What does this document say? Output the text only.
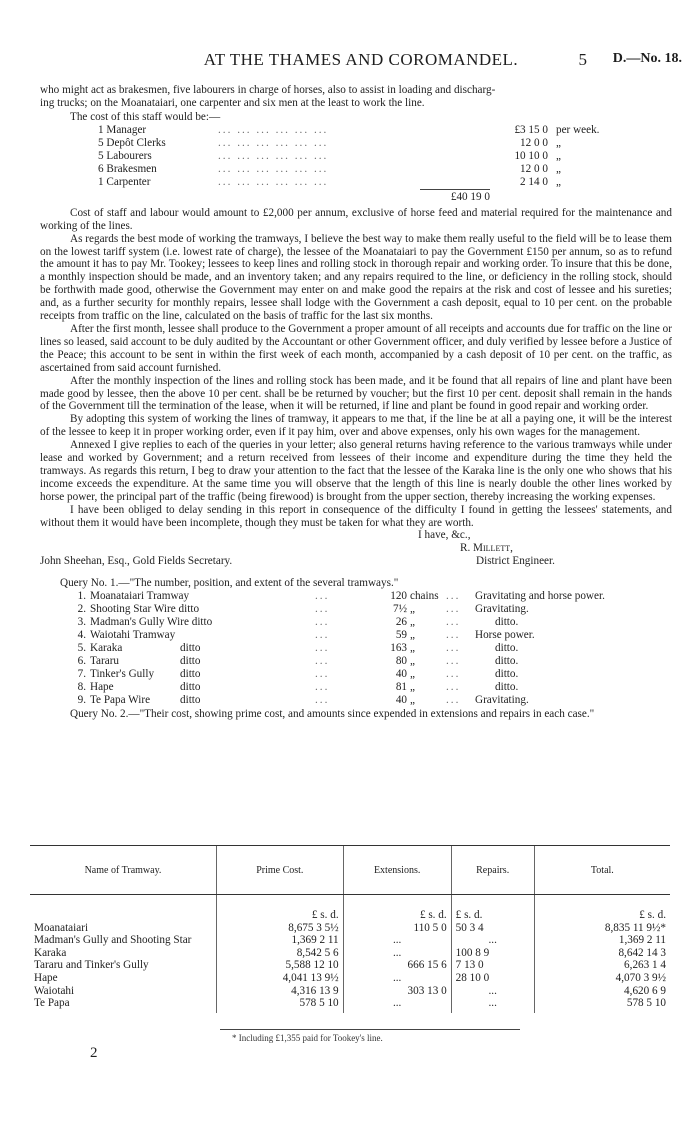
AT THE THAMES AND COROMANDEL.	5 D.—No. 18.

who might act as brakesmen, five labourers in charge of horses, also to assist in loading and discharg-

ing trucks; on the Moanataiari, one carpenter and six men at the least to work the line.

The cost of this staff would be:—
1 Manager	... ... ... ... ... ...	£3 15 0 per week.
5 Depôt Clerks	... ... ... ... ... ...	12 0 0 „
5 Labourers	... ... ... ... ... ...	10 10 0 „
6 Brakesmen	... ... ... ... ... ...	12 0 0 „
1 Carpenter	... ... ... ... ... ...	2 14 0 „
£40 19 0

Cost of staff and labour would amount to £2,000 per annum, exclusive of horse feed and material required for the maintenance and working of the lines.

As regards the best mode of working the tramways, I believe the best way to make them really useful to the field will be to lease them on the lowest tariff system (i.e. lowest rate of charge), the lessee of the Moanataiari to pay the Government £150 per annum, so as to refund the amount it has to pay Mr. Tookey; lessees to keep lines and rolling stock in thorough repair and working order. To insure that this be done, a monthly inspection should be made, and an inventory taken; and any repairs required to the line, or deficiency in the rolling stock, should be forthwith made good, otherwise the Government may enter on and make good the repairs at the risk and cost of lessee and his sureties; and, as a further security for monthly repairs, lessee shall lodge with the Government a cash deposit, equal to 10 per cent. on the probable receipts from traffic on the line, calculated on the basis of traffic for the last six months.

After the first month, lessee shall produce to the Government a proper amount of all receipts and accounts due for traffic on the line or lines so leased, said account to be duly audited by the Accountant or other Government officer, and duly verified by lessee before a Justice of the Peace; this account to be sent in within the first week of each month, accompanied by a cash deposit of 10 per cent. on the traffic, as ascertained from said account furnished.

After the monthly inspection of the lines and rolling stock has been made, and it be found that all repairs of line and plant have been made good by lessee, then the above 10 per cent. shall be be returned by voucher; but the first 10 per cent. deposit shall remain in the hands of the Government till the termination of the lease, when it will be returned, if line and plant be found in good repair and working order.

By adopting this system of working the lines of tramway, it appears to me that, if the line be at all a paying one, it will be the interest of the lessee to keep it in proper working order, even if it pay him, over and above expenses, only his own wages for the management.

Annexed I give replies to each of the queries in your letter; also general returns having reference to the various tramways while under lease and worked by Government; and a return received from lessees of their income and expenditure during the time they held the tramways. As regards this return, I beg to draw your attention to the fact that the lessee of the Karaka line is the only one who shows that his income exceeds the expenditure. At the same time you will observe that the length of this line is nearly double the other lines worked by horse power, the principal part of the traffic (being firewood) is brought from the upper section, thereby increasing the working expenses.

I have been obliged to delay sending in this report in consequence of the difficulty I found in getting the lessees' statements, and without them it would have been incomplete, though they must be taken for what they are worth.

I have, &c.,
R. Millett,
John Sheehan, Esq., Gold Fields Secretary.	District Engineer.
Query No. 1.—"The number, position, and extent of the several tramways."
1. Moanataiari Tramway	...	120 chains ... Gravitating and horse power.
2. Shooting Star Wire ditto	...	7½ „	... Gravitating.
3. Madman's Gully Wire ditto	...	26 „	...	ditto.
4. Waiotahi Tramway	...	59 „	... Horse power.
5. Karaka	ditto	...	163 „	...	ditto.
6. Tararu	ditto	...	80 „	...	ditto.
7. Tinker's Gully ditto	...	40 „	...	ditto.
8. Hape	ditto	...	81 „	...	ditto.
9. Te Papa Wire	ditto	...	40 „	... Gravitating.

Query No. 2.—"Their cost, showing prime cost, and amounts since expended in extensions and repairs in each case."

Name of Tramway.	Prime Cost.	Extensions.	Repairs.	Total.
	£ s. d.	£ s. d.	£ s. d.	£ s. d.
Moanataiari	8,675 3 5½	110 5 0	50 3 4	8,835 11 9½*
Madman's Gully and Shooting Star	1,369 2 11	...	...	1,369 2 11
Karaka	8,542 5 6	...	100 8 9	8,642 14 3
Tararu and Tinker's Gully	5,588 12 10	666 15 6	7 13 0	6,263 1 4
Hape	4,041 13 9½	...	28 10 0	4,070 3 9½
Waiotahi	4,316 13 9	303 13 0	...	4,620 6 9
Te Papa	578 5 10	...	...	578 5 10
* Including £1,355 paid for Tookey's line.
2
